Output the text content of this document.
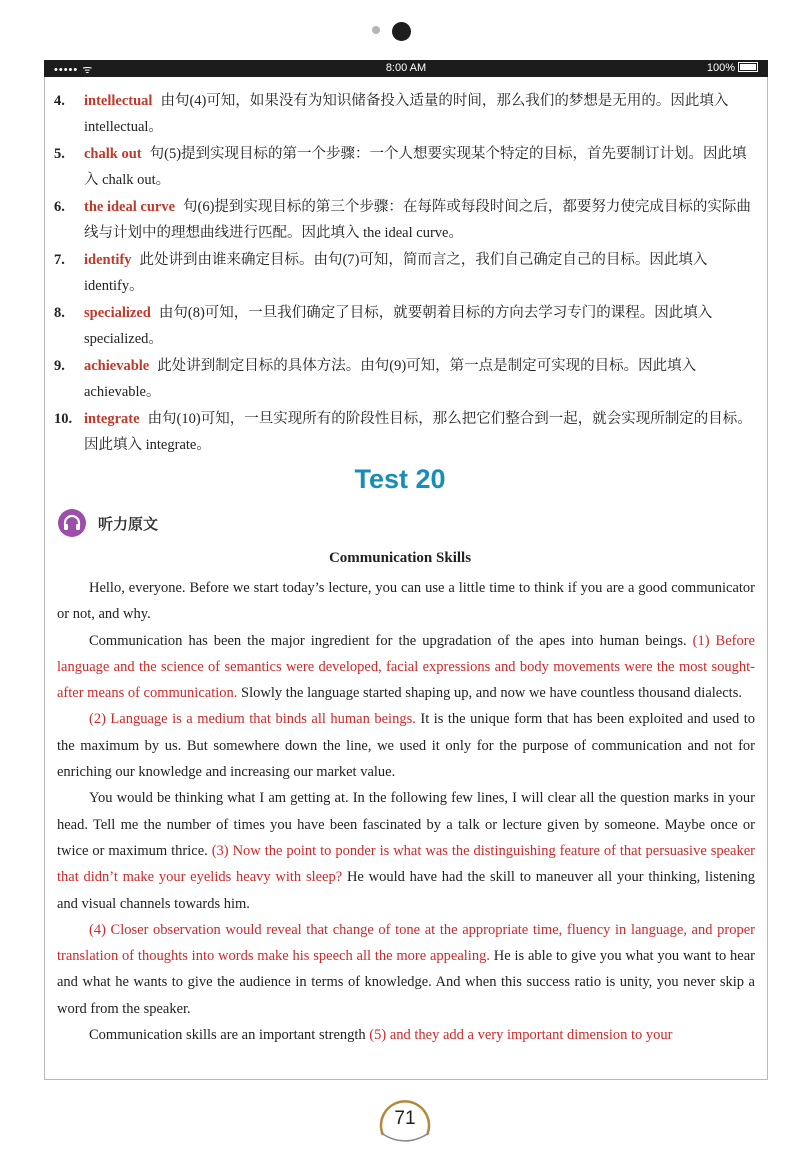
••••• ᯤ	8:00 AM	100%
4. intellectual 由句(4)可知，如果没有为知识储备投入适量的时间，那么我们的梦想是无用的。因此填入 intellectual。
5. chalk out 句(5)提到实现目标的第一个步骤：一个人想要实现某个特定的目标，首先要制订计划。因此填入 chalk out。
6. the ideal curve 句(6)提到实现目标的第三个步骤：在每阵或每段时间之后，都要努力使完成目标的实际曲线与计划中的理想曲线进行匹配。因此填入 the ideal curve。
7. identify 此处讲到由谁来确定目标。由句(7)可知，简而言之，我们自己确定自己的目标。因此填入 identify。
8. specialized 由句(8)可知，一旦我们确定了目标，就要朝着目标的方向去学习专门的课程。因此填入 specialized。
9. achievable 此处讲到制定目标的具体方法。由句(9)可知，第一点是制定可实现的目标。因此填入 achievable。
10. integrate 由句(10)可知，一旦实现所有的阶段性目标，那么把它们整合到一起，就会实现所制定的目标。因此填入 integrate。
Test 20
听力原文
Communication Skills

Hello, everyone. Before we start today’s lecture, you can use a little time to think if you are a good communicator or not, and why.

Communication has been the major ingredient for the upgradation of the apes into human beings. (1) Before language and the science of semantics were developed, facial expressions and body movements were the most sought-after means of communication. Slowly the language started shaping up, and now we have countless thousand dialects.

(2) Language is a medium that binds all human beings. It is the unique form that has been exploited and used to the maximum by us. But somewhere down the line, we used it only for the purpose of communication and not for enriching our knowledge and increasing our market value.

You would be thinking what I am getting at. In the following few lines, I will clear all the question marks in your head. Tell me the number of times you have been fascinated by a talk or lecture given by someone. Maybe once or twice or maximum thrice. (3) Now the point to ponder is what was the distinguishing feature of that persuasive speaker that didn’t make your eyelids heavy with sleep? He would have had the skill to maneuver all your thinking, listening and visual channels towards him.

(4) Closer observation would reveal that change of tone at the appropriate time, fluency in language, and proper translation of thoughts into words make his speech all the more appealing. He is able to give you what you want to hear and what he wants to give the audience in terms of knowledge. And when this success ratio is unity, you never skip a word from the speaker.

Communication skills are an important strength (5) and they add a very important dimension to your

71
